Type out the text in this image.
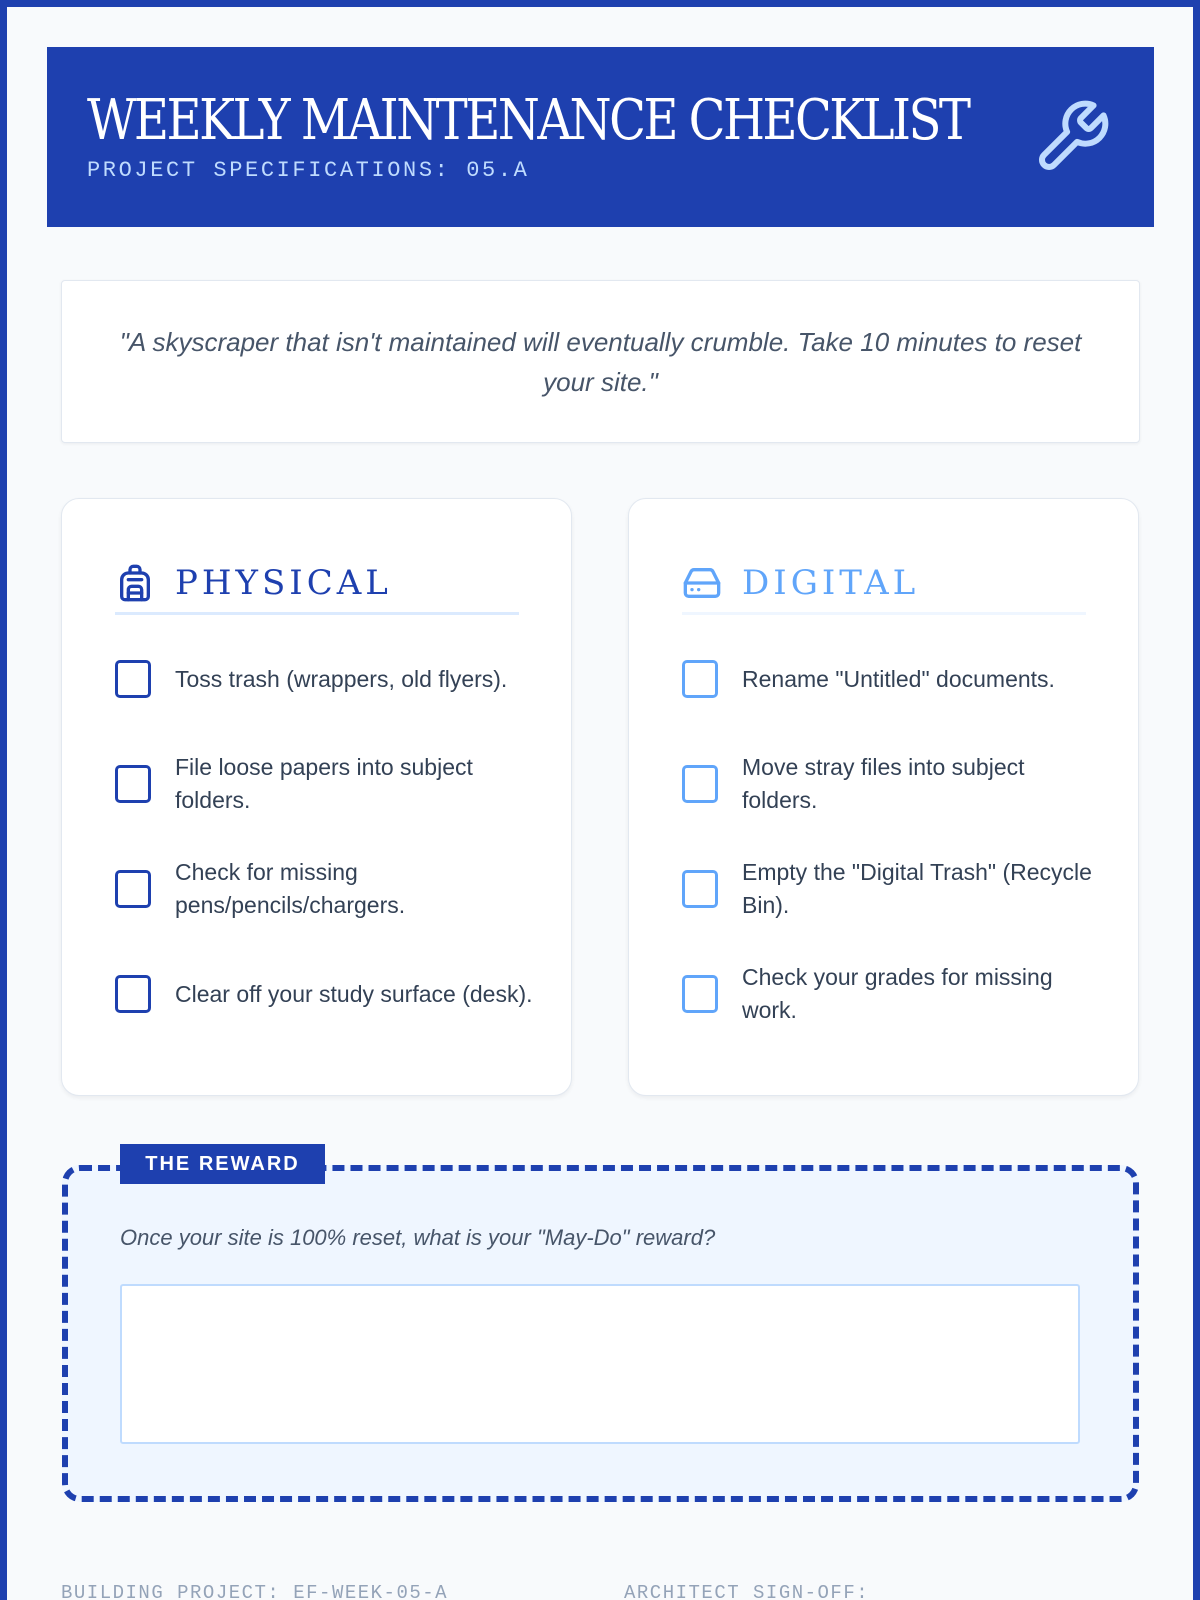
WEEKLY MAINTENANCE CHECKLIST
PROJECT SPECIFICATIONS: 05.A

"A skyscraper that isn't maintained will eventually crumble. Take 10 minutes to reset your site."

PHYSICAL
Toss trash (wrappers, old flyers).
File loose papers into subject folders.
Check for missing pens/pencils/chargers.
Clear off your study surface (desk).
DIGITAL
Rename "Untitled" documents.
Move stray files into subject folders.
Empty the "Digital Trash" (Recycle Bin).
Check your grades for missing work.
THE REWARD
Once your site is 100% reset, what is your "May-Do" reward?
BUILDING PROJECT: EF-WEEK-05-A	ARCHITECT SIGN-OFF:
